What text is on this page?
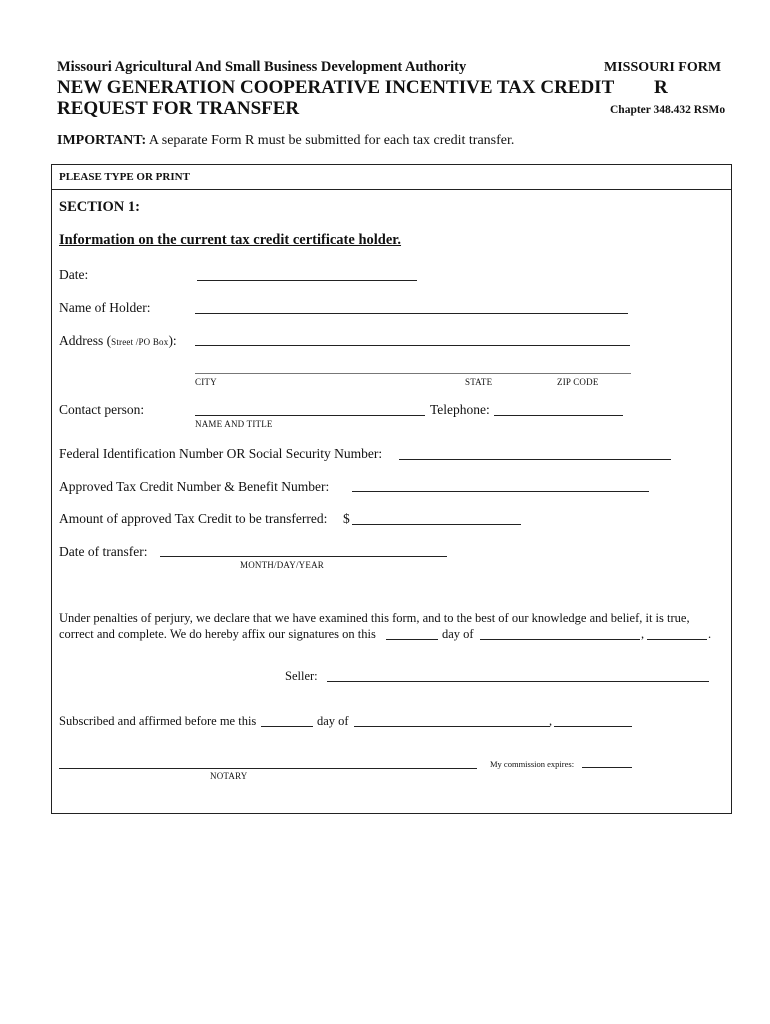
Missouri Agricultural And Small Business Development Authority
NEW GENERATION COOPERATIVE INCENTIVE TAX CREDIT
REQUEST FOR TRANSFER
MISSOURI FORM
R
Chapter 348.432 RSMo
IMPORTANT: A separate Form R must be submitted for each tax credit transfer.
PLEASE TYPE OR PRINT
SECTION 1:
Information on the current tax credit certificate holder.
Date:
Name of Holder:
Address (Street /PO Box):
CITY	STATE	ZIP CODE
Contact person:
NAME AND TITLE
Telephone:
Federal Identification Number OR Social Security Number:
Approved Tax Credit Number & Benefit Number:
Amount of approved Tax Credit to be transferred: $
Date of transfer:
MONTH/DAY/YEAR
Under penalties of perjury, we declare that we have examined this form, and to the best of our knowledge and belief, it is true,
correct and complete. We do hereby affix our signatures on this	day of	,	.
Seller:
Subscribed and affirmed before me this	day of	,
NOTARY
My commission expires:
